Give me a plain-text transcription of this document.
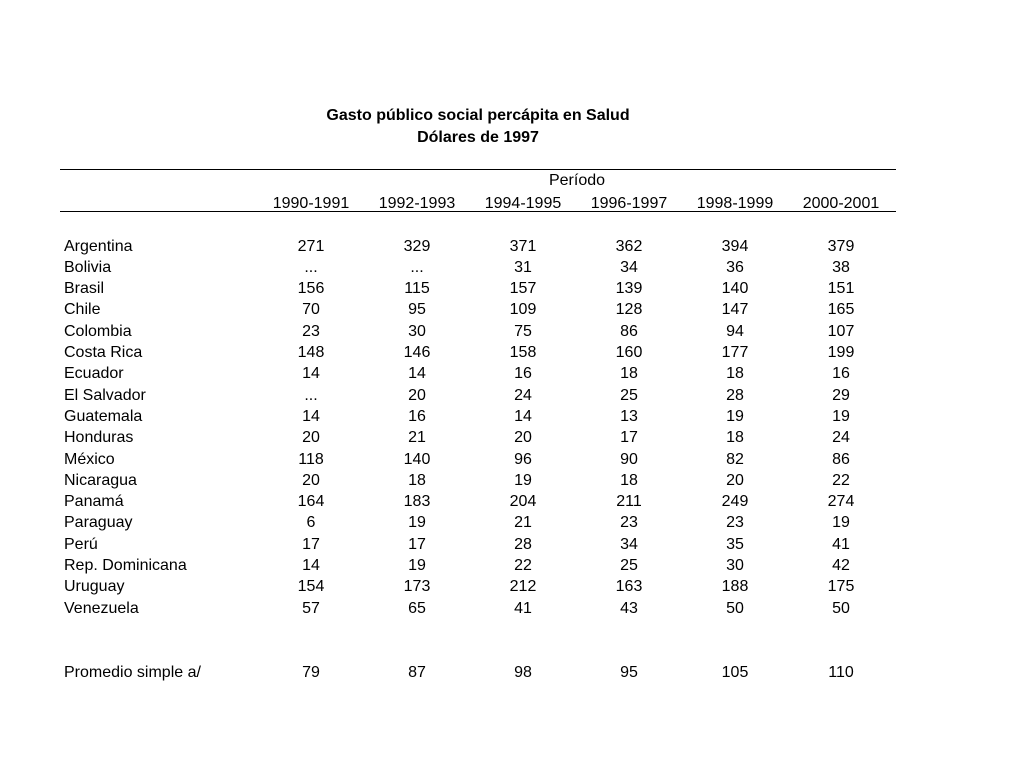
Gasto público social percápita en Salud
Dólares de 1997
Período
	1990-1991	1992-1993	1994-1995	1996-1997	1998-1999	2000-2001

Argentina	271	329	371	362	394	379
Bolivia	...	...	31	34	36	38
Brasil	156	115	157	139	140	151
Chile	70	95	109	128	147	165
Colombia	23	30	75	86	94	107
Costa Rica	148	146	158	160	177	199
Ecuador	14	14	16	18	18	16
El Salvador	...	20	24	25	28	29
Guatemala	14	16	14	13	19	19
Honduras	20	21	20	17	18	24
México	118	140	96	90	82	86
Nicaragua	20	18	19	18	20	22
Panamá	164	183	204	211	249	274
Paraguay	6	19	21	23	23	19
Perú	17	17	28	34	35	41
Rep. Dominicana	14	19	22	25	30	42
Uruguay	154	173	212	163	188	175
Venezuela	57	65	41	43	50	50

Promedio simple a/	79	87	98	95	105	110
